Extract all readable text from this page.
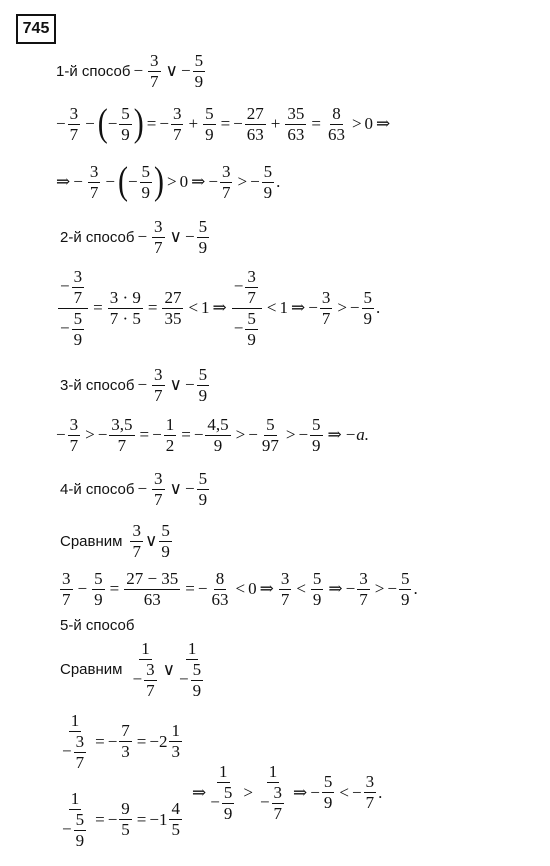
745
1-й способ − $\frac{3}{7}$ ∨ − $\frac{5}{9}$
− $\frac{3}{7}$ − ( − $\frac{5}{9}$ ) = − $\frac{3}{7} + \frac{5}{9}$ = − $\frac{27}{63} + \frac{35}{63} = \frac{8}{63} > 0$ ⇒
⇒ − $\frac{3}{7}$ − ( − $\frac{5}{9}$ ) > 0 ⇒ − $\frac{3}{7}$ > − $\frac{5}{9}$ .
2-й способ − $\frac{3}{7}$ ∨ − $\frac{5}{9}$
$\frac{- \frac{3}{7}}{- \frac{5}{9}} = \frac{3 \cdot 9}{7 \cdot 5} = \frac{27}{35} < 1$ ⇒
− $\frac{3}{7}$
− $\frac{5}{9}$
< 1 ⇒ − $\frac{3}{7}$ > − $\frac{5}{9}$ .
3-й способ − $\frac{3}{7}$ ∨ − $\frac{5}{9}$
− $\frac{3}{7}$ > − $\frac{3,5}{7}$ = − $\frac{1}{2}$ = − $\frac{4,5}{9}$ > − $\frac{5}{97}$ > − $\frac{5}{9}$ ⇒ −a.
4-й способ − $\frac{3}{7}$ ∨ − $\frac{5}{9}$
Сравним
3
7
∨
5
9
3
7
− $\frac{5}{9} = \frac{27 - 35}{63}$ = − $\frac{8}{63} < 0$ ⇒
3
7
<
5
9
⇒ − $\frac{3}{7}$ > − $\frac{5}{9}$ .
5-й способ
Сравним
1
− $\frac{3}{7}$ ∨
1
− $\frac{5}{9}$
$\frac{1}{- \frac{3}{7}}$ = − $\frac{7}{3}$ = − 2
1
3
$\frac{1}{- \frac{5}{9}}$ = − $\frac{9}{5}$ = − 1
4
5
⇒
1
− $\frac{5}{9}$ >
1
− $\frac{3}{7}$ ⇒ − $\frac{5}{9}$ < − $\frac{3}{7}$ .
